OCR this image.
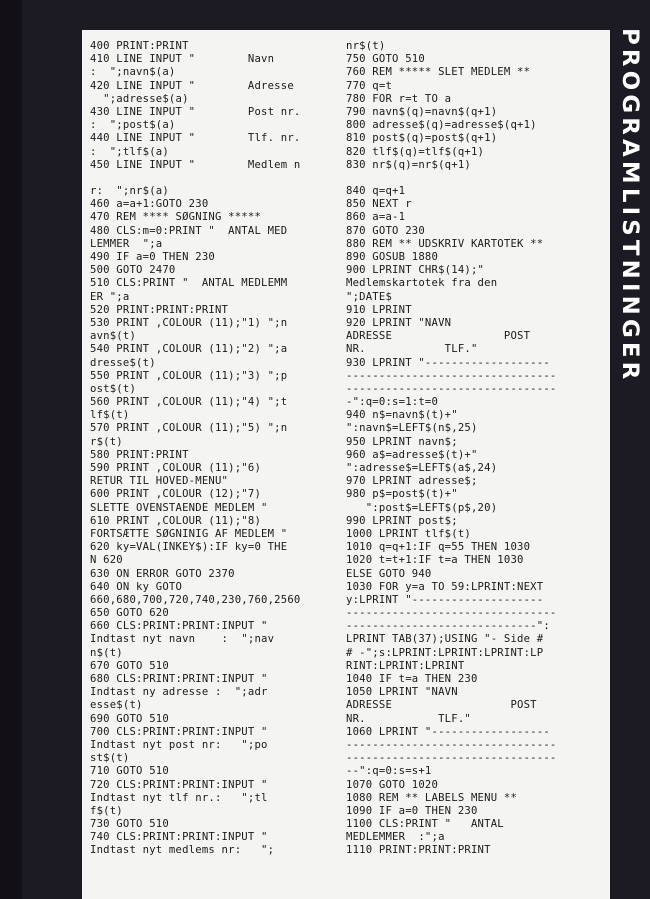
400 PRINT:PRINT
410 LINE INPUT "        Navn
:  ";navn$(a)
420 LINE INPUT "        Adresse
";adresse$(a)
430 LINE INPUT "        Post nr.
:  ";post$(a)
440 LINE INPUT "        Tlf. nr.
:  ";tlf$(a)
450 LINE INPUT "        Medlem n
r:  ";nr$(a)
460 a=a+1:GOTO 230
470 REM **** SØGNING *****
480 CLS:m=0:PRINT "  ANTAL MED
LEMMER  ";a
490 IF a=0 THEN 230
500 GOTO 2470
510 CLS:PRINT "  ANTAL MEDLEMM
ER ";a
520 PRINT:PRINT:PRINT
530 PRINT ,COLOUR (11);"1) ";n
avn$(t)
540 PRINT ,COLOUR (11);"2) ";a
dresse$(t)
550 PRINT ,COLOUR (11);"3) ";p
ost$(t)
560 PRINT ,COLOUR (11);"4) ";t
lf$(t)
570 PRINT ,COLOUR (11);"5) ";n
r$(t)
580 PRINT:PRINT
590 PRINT ,COLOUR (11);"6)
RETUR TIL HOVED-MENU"
600 PRINT ,COLOUR (12);"7)
SLETTE OVENSTAENDE MEDLEM "
610 PRINT ,COLOUR (11);"8)
FORTSÆTTE SØGNINIG AF MEDLEM "
620 ky=VAL(INKEY$):IF ky=0 THE
N 620
630 ON ERROR GOTO 2370
640 ON ky GOTO
660,680,700,720,740,230,760,2560
650 GOTO 620
660 CLS:PRINT:PRINT:INPUT "
Indtast nyt navn    :  ";nav
n$(t)
670 GOTO 510
680 CLS:PRINT:PRINT:INPUT "
Indtast ny adresse :  ";adr
esse$(t)
690 GOTO 510
700 CLS:PRINT:PRINT:INPUT "
Indtast nyt post nr:   ";po
st$(t)
710 GOTO 510
720 CLS:PRINT:PRINT:INPUT "
Indtast nyt tlf nr.:   ";tl
f$(t)
730 GOTO 510
740 CLS:PRINT:PRINT:INPUT "
Indtast nyt medlems nr:   ";
nr$(t)
750 GOTO 510
760 REM ***** SLET MEDLEM **
770 q=t
780 FOR r=t TO a
790 navn$(q)=navn$(q+1)
800 adresse$(q)=adresse$(q+1)
810 post$(q)=post$(q+1)
820 tlf$(q)=tlf$(q+1)
830 nr$(q)=nr$(q+1)
840 q=q+1
850 NEXT r
860 a=a-1
870 GOTO 230
880 REM ** UDSKRIV KARTOTEK **
890 GOSUB 1880
900 LPRINT CHR$(14);"
Medlemskartotek fra den
";DATE$
910 LPRINT
920 LPRINT "NAVN
ADRESSE                 POST
NR.            TLF."
930 LPRINT "-------------------
--------------------------------
--------------------------------
-":q=0:s=1:t=0
940 n$=navn$(t)+"
":navn$=LEFT$(n$,25)
950 LPRINT navn$;
960 a$=adresse$(t)+"
":adresse$=LEFT$(a$,24)
970 LPRINT adresse$;
980 p$=post$(t)+"
":post$=LEFT$(p$,20)
990 LPRINT post$;
1000 LPRINT tlf$(t)
1010 q=q+1:IF q=55 THEN 1030
1020 t=t+1:IF t=a THEN 1030
ELSE GOTO 940
1030 FOR y=a TO 59:LPRINT:NEXT
y:LPRINT "--------------------
--------------------------------
-----------------------------":
LPRINT TAB(37);USING "- Side #
# -";s:LPRINT:LPRINT:LPRINT:LP
RINT:LPRINT:LPRINT
1040 IF t=a THEN 230
1050 LPRINT "NAVN
ADRESSE                  POST
NR.           TLF."
1060 LPRINT "------------------
--------------------------------
--------------------------------
--":q=0:s=s+1
1070 GOTO 1020
1080 REM ** LABELS MENU **
1090 IF a=0 THEN 230
1100 CLS:PRINT "   ANTAL
MEDLEMMER  :";a
1110 PRINT:PRINT:PRINT
PROGRAMLISTNINGER
